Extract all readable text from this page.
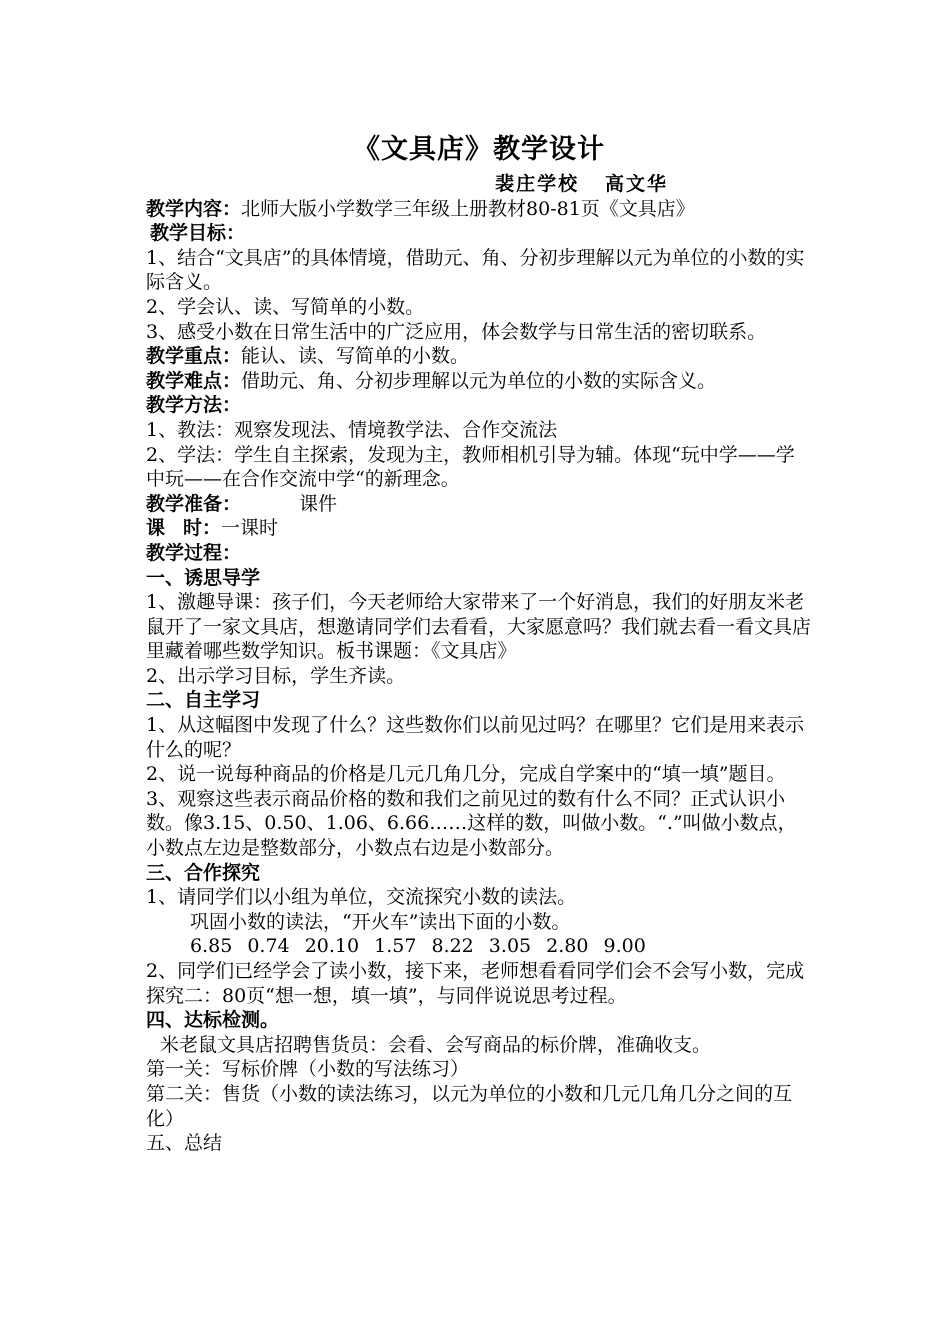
《文具店》教学设计
裴庄学校   高文华

教学内容：北师大版小学数学三年级上册教材80-81页《文具店》

教学目标：

1、结合“文具店”的具体情境，借助元、角、分初步理解以元为单位的小数的实际含义。

2、学会认、读、写简单的小数。

3、感受小数在日常生活中的广泛应用，体会数学与日常生活的密切联系。

教学重点：能认、读、写简单的小数。

教学难点：借助元、角、分初步理解以元为单位的小数的实际含义。

教学方法：

1、教法：观察发现法、情境教学法、合作交流法

2、学法：学生自主探索，发现为主，教师相机引导为辅。体现“玩中学——学中玩——在合作交流中学“的新理念。

教学准备：	课件

课 时：一课时

教学过程：

一、诱思导学

1、激趣导课：孩子们，今天老师给大家带来了一个好消息，我们的好朋友米老鼠开了一家文具店，想邀请同学们去看看，大家愿意吗？我们就去看一看文具店里藏着哪些数学知识。板书课题：《文具店》

2、出示学习目标，学生齐读。

二、自主学习

1、从这幅图中发现了什么？这些数你们以前见过吗？在哪里？它们是用来表示什么的呢？

2、说一说每种商品的价格是几元几角几分，完成自学案中的“填一填”题目。

3、观察这些表示商品价格的数和我们之前见过的数有什么不同？正式认识小数。像3.15、0.50、1.06、6.66……这样的数，叫做小数。“.”叫做小数点，小数点左边是整数部分，小数点右边是小数部分。

三、合作探究

1、请同学们以小组为单位，交流探究小数的读法。

巩固小数的读法，“开火车”读出下面的小数。

6.85 0.74 20.10 1.57 8.22 3.05 2.80 9.00

2、同学们已经学会了读小数，接下来，老师想看看同学们会不会写小数，完成探究二：80页“想一想，填一填”，与同伴说说思考过程。

四、达标检测。

米老鼠文具店招聘售货员：会看、会写商品的标价牌，准确收支。

第一关：写标价牌（小数的写法练习）

第二关：售货（小数的读法练习，以元为单位的小数和几元几角几分之间的互化）

五、总结
